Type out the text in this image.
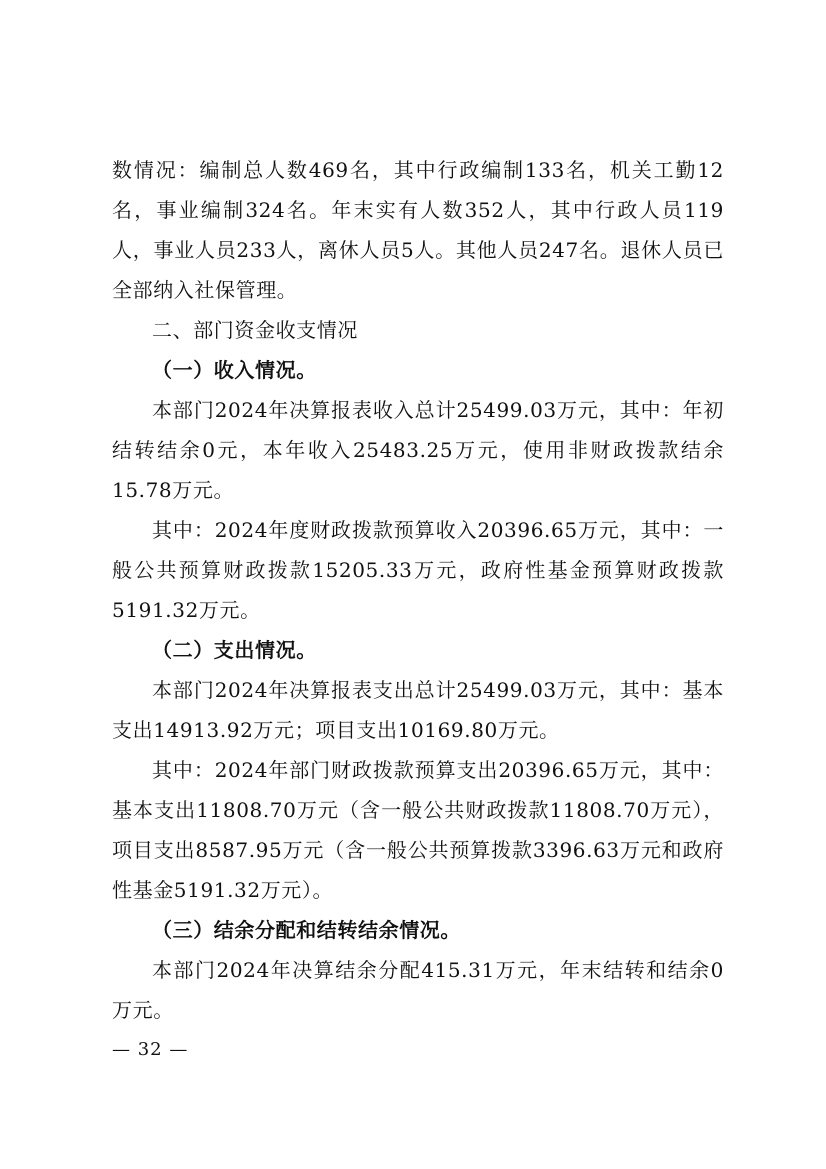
数情况：编制总人数469名，其中行政编制133名，机关工勤12名，事业编制324名。年末实有人数352人，其中行政人员119人，事业人员233人，离休人员5人。其他人员247名。退休人员已全部纳入社保管理。

二、部门资金收支情况

（一）收入情况。

本部门2024年决算报表收入总计25499.03万元，其中：年初结转结余0元，本年收入25483.25万元，使用非财政拨款结余15.78万元。

其中：2024年度财政拨款预算收入20396.65万元，其中：一般公共预算财政拨款15205.33万元，政府性基金预算财政拨款5191.32万元。

（二）支出情况。

本部门2024年决算报表支出总计25499.03万元，其中：基本支出14913.92万元；项目支出10169.80万元。

其中：2024年部门财政拨款预算支出20396.65万元，其中：基本支出11808.70万元（含一般公共财政拨款11808.70万元），项目支出8587.95万元（含一般公共预算拨款3396.63万元和政府性基金5191.32万元）。

（三）结余分配和结转结余情况。

本部门2024年决算结余分配415.31万元，年末结转和结余0万元。

— 32 —
